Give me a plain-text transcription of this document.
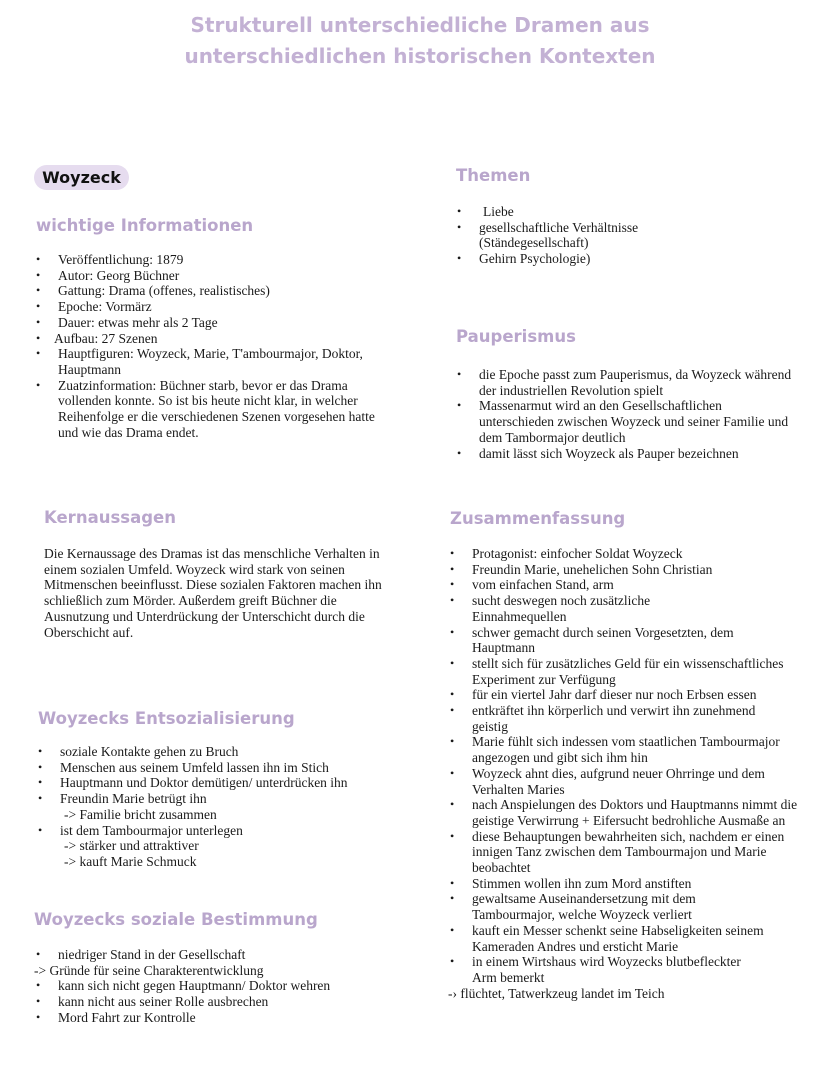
Strukturell unterschiedliche Dramen aus
unterschiedlichen historischen Kontexten
Woyzeck
wichtige Informationen
• Veröffentlichung: 1879
• Autor: Georg Büchner
• Gattung: Drama (offenes, realistisches)
• Epoche: Vormärz
• Dauer: etwas mehr als 2 Tage
• Aufbau: 27 Szenen
• Hauptfiguren: Woyzeck, Marie, T'ambourmajor, Doktor, Hauptmann
• Zuatzinformation: Büchner starb, bevor er das Drama vollenden konnte. So ist bis heute nicht klar, in welcher Reihenfolge er die verschiedenen Szenen vorgesehen hatte und wie das Drama endet.
Themen
• Liebe
• gesellschaftliche Verhältnisse (Ständegesellschaft)
• Gehirn Psychologie)
Pauperismus
• die Epoche passt zum Pauperismus, da Woyzeck während der industriellen Revolution spielt
• Massenarmut wird an den Gesellschaftlichen unterschieden zwischen Woyzeck und seiner Familie und dem Tambormajor deutlich
• damit lässt sich Woyzeck als Pauper bezeichnen
Kernaussagen

Die Kernaussage des Dramas ist das menschliche Verhalten in einem sozialen Umfeld. Woyzeck wird stark von seinen Mitmenschen beeinflusst. Diese sozialen Faktoren machen ihn schließlich zum Mörder. Außerdem greift Büchner die Ausnutzung und Unterdrückung der Unterschicht durch die Oberschicht auf.

Woyzecks Entsozialisierung
• soziale Kontakte gehen zu Bruch
• Menschen aus seinem Umfeld lassen ihn im Stich
• Hauptmann und Doktor demütigen/ unterdrücken ihn
• Freundin Marie betrügt ihn
-> Familie bricht zusammen
• ist dem Tambourmajor unterlegen
-> stärker und attraktiver
-> kauft Marie Schmuck
Woyzecks soziale Bestimmung
• niedriger Stand in der Gesellschaft
-> Gründe für seine Charakterentwicklung
• kann sich nicht gegen Hauptmann/ Doktor wehren
• kann nicht aus seiner Rolle ausbrechen
• Mord Fahrt zur Kontrolle
Zusammenfassung
• Protagonist: einfocher Soldat Woyzeck
• Freundin Marie, unehelichen Sohn Christian
• vom einfachen Stand, arm
• sucht deswegen noch zusätzliche Einnahmequellen
• schwer gemacht durch seinen Vorgesetzten, dem Hauptmann
• stellt sich für zusätzliches Geld für ein wissenschaftliches Experiment zur Verfügung
• für ein viertel Jahr darf dieser nur noch Erbsen essen
• entkräftet ihn körperlich und verwirt ihn zunehmend geistig
• Marie fühlt sich indessen vom staatlichen Tambourmajor angezogen und gibt sich ihm hin
• Woyzeck ahnt dies, aufgrund neuer Ohrringe und dem Verhalten Maries
• nach Anspielungen des Doktors und Hauptmanns nimmt die geistige Verwirrung + Eifersucht bedrohliche Ausmaße an
• diese Behauptungen bewahrheiten sich, nachdem er einen innigen Tanz zwischen dem Tambourmajon und Marie beobachtet
• Stimmen wollen ihn zum Mord anstiften
• gewaltsame Auseinandersetzung mit dem Tambourmajor, welche Woyzeck verliert
• kauft ein Messer schenkt seine Habseligkeiten seinem Kameraden Andres und ersticht Marie
• in einem Wirtshaus wird Woyzecks blutbefleckter Arm bemerkt
-› flüchtet, Tatwerkzeug landet im Teich
